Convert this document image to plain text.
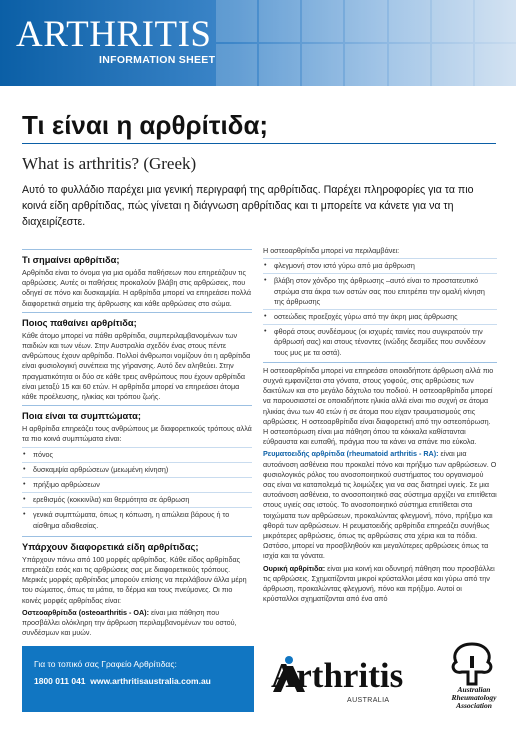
ARTHRITIS
INFORMATION SHEET
Τι είναι η αρθρίτιδα;
What is arthritis? (Greek)
Αυτό το φυλλάδιο παρέχει μια γενική περιγραφή της αρθρίτιδας. Παρέχει πληροφορίες για τα πιο κοινά είδη αρθρίτιδας, πώς γίνεται η διάγνωση αρθρίτιδας και τι μπορείτε να κάνετε για να τη διαχειρίζεστε.
Τι σημαίνει αρθρίτιδα;

Αρθρίτιδα είναι το όνομα για μια ομάδα παθήσεων που επηρεάζουν τις αρθρώσεις. Αυτές οι παθήσεις προκαλούν βλάβη στις αρθρώσεις, που οδηγεί σε πόνο και δυσκαμψία. Η αρθρίτιδα μπορεί να επηρεάσει πολλά διαφορετικά σημεία της άρθρωσης και κάθε αρθρώσεις στο σώμα.

Ποιος παθαίνει αρθρίτιδα;

Κάθε άτομο μπορεί να πάθει αρθρίτιδα, συμπεριλαμβανομένων των παιδιών και των νέων. Στην Αυστραλία σχεδόν ένας στους πέντε ανθρώπους έχουν αρθρίτιδα. Πολλοί άνθρωποι νομίζουν ότι η αρθρίτιδα είναι φυσιολογική συνέπεια της γήρανσης. Αυτό δεν αληθεύει. Στην πραγματικότητα οι δύο σε κάθε τρεις ανθρώπους που έχουν αρθρίτιδα είναι μεταξύ 15 και 60 ετών. Η αρθρίτιδα μπορεί να επηρεάσει άτομα κάθε προέλευσης, ηλικίας και τρόπου ζωής.

Ποια είναι τα συμπτώματα;

Η αρθρίτιδα επηρεάζει τους ανθρώπους με διαφορετικούς τρόπους αλλά τα πιο κοινά συμπτώματα είναι:

• πόνος
• δυσκαμψία αρθρώσεων (μειωμένη κίνηση)
• πρήξιμο αρθρώσεων
• ερεθισμός (κοκκινίλα) και θερμότητα σε άρθρωση
• γενικά συμπτώματα, όπως η κόπωση, η απώλεια βάρους ή το αίσθημα αδιαθεσίας.
Υπάρχουν διαφορετικά είδη αρθρίτιδας;

Υπάρχουν πάνω από 100 μορφές αρθρίτιδας. Κάθε είδος αρθρίτιδας επηρεάζει εσάς και τις αρθρώσεις σας με διαφορετικούς τρόπους. Μερικές μορφές αρθρίτιδας μπορούν επίσης να περιλάβουν άλλα μέρη του σώματος, όπως τα μάτια, το δέρμα και τους πνεύμονες. Οι πιο κοινές μορφές αρθρίτιδας είναι:

Οστεοαρθρίτιδα (osteoarthritis - OA): είναι μια πάθηση που προσβάλλει ολόκληρη την άρθρωση περιλαμβανομένων του οστού, συνδέσμων και μυών.

Η οστεοαρθρίτιδα μπορεί να περιλαμβάνει:

• φλεγμονή στον ιστό γύρω από μια άρθρωση
• βλάβη στον χόνδρο της άρθρωσης –αυτό είναι το προστατευτικό στρώμα στα άκρα των οστών σας που επιτρέπει την ομαλή κίνηση της άρθρωσης
• οστεώδεις προεξοχές γύρω από την άκρη μιας άρθρωσης
• φθορά στους συνδέσμους (οι ισχυρές ταινίες που συγκρατούν την άρθρωσή σας) και στους τένοντες (ινώδης δεσμίδες που συνδέουν τους μυς με τα οστά).

Η οστεοαρθρίτιδα μπορεί να επηρεάσει οποιαδήποτε άρθρωση αλλά πιο συχνά εμφανίζεται στα γόνατα, στους γοφούς, στις αρθρώσεις των δακτύλων και στο μεγάλο δάχτυλο του ποδιού. Η οστεοαρθρίτιδα μπορεί να παρουσιαστεί σε οποιαδήποτε ηλικία αλλά είναι πιο συχνή σε άτομα ηλικίας άνω των 40 ετών ή σε άτομα που είχαν τραυματισμούς στις αρθρώσεις. Η οστεοαρθρίτιδα είναι διαφορετική από την οστεοπόρωση. Η οστεοπόρωση είναι μια πάθηση όπου τα κόκκαλα καθίστανται εύθραυστα και ευπαθή, πράγμα που τα κάνει να σπάνε πιο εύκολα.

Ρευματοειδής αρθρίτιδα (rheumatoid arthritis - RA): είναι μια αυτοάνοση ασθένεια που προκαλεί πόνο και πρήξιμο των αρθρώσεων. Ο φυσιολογικός ρόλος του ανοσοποιητικού συστήματος του οργανισμού σας είναι να καταπολεμά τις λοιμώξεις για να σας διατηρεί υγιείς. Σε μια αυτοάνοση ασθένεια, το ανοσοποιητικό σας σύστημα αρχίζει να επιτίθεται στους υγιείς σας ιστούς. Το ανοσοποιητικό σύστημα επιτίθεται στα τοιχώματα των αρθρώσεων, προκαλώντας φλεγμονή, πόνο, πρήξιμο και φθορά των αρθρώσεων. Η ρευματοειδής αρθρίτιδα επηρεάζει συνήθως μικρότερες αρθρώσεις, όπως τις αρθρώσεις στα χέρια και τα πόδια. Ωστόσο, μπορεί να προσβληθούν και μεγαλύτερες αρθρώσεις όπως τα ισχία και τα γόνατα.

Ουρική αρθρίτιδα: είναι μια κοινή και οδυνηρή πάθηση που προσβάλλει τις αρθρώσεις. Σχηματίζονται μικροί κρύσταλλοι μέσα και γύρω από την άρθρωση, προκαλώντας φλεγμονή, πόνο και πρήξιμο. Αυτοί οι κρύσταλλοι σχηματίζονται από ένα από

Για το τοπικό σας Γραφείο Αρθρίτιδας:
1800 011 041 www.arthritisaustralia.com.au	Arthritis
AUSTRALIA
Australian
Rheumatology
Association
